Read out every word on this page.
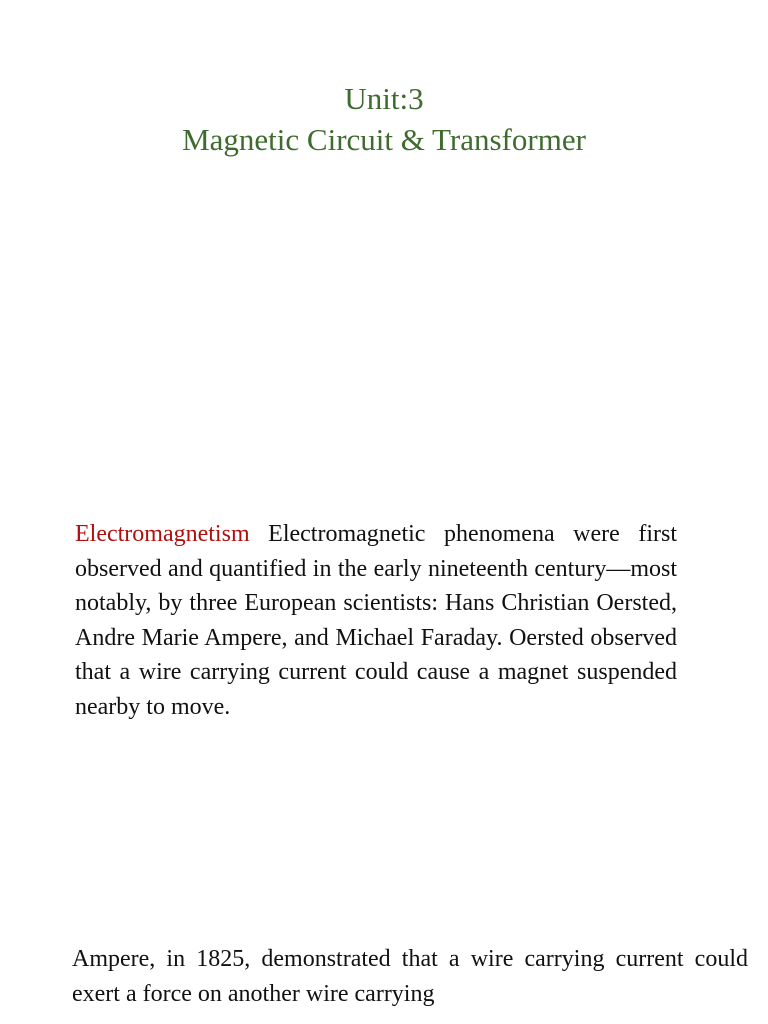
Unit:3
Magnetic Circuit & Transformer

Electromagnetism Electromagnetic phenomena were first observed and quantified in the early nineteenth century—most notably, by three European scientists: Hans Christian Oersted, Andre Marie Ampere, and Michael Faraday. Oersted observed that a wire carrying current could cause a magnet suspended nearby to move.

Ampere, in 1825, demonstrated that a wire carrying current could exert a force on another wire carrying
